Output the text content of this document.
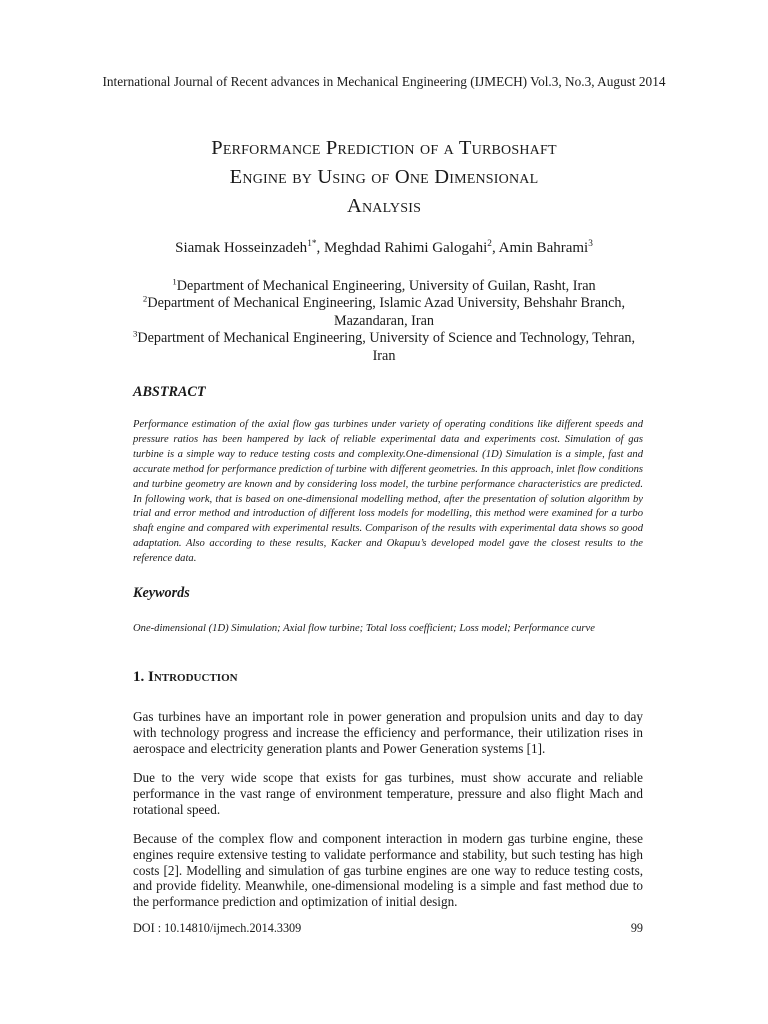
International Journal of Recent advances in Mechanical Engineering (IJMECH) Vol.3, No.3, August 2014
Performance Prediction of a Turboshaft
Engine by Using of One Dimensional
Analysis
Siamak Hosseinzadeh$^{1*}$, Meghdad Rahimi Galogahi$^2$, Amin Bahrami$^3$
$^1$Department of Mechanical Engineering, University of Guilan, Rasht, Iran
$^2$Department of Mechanical Engineering, Islamic Azad University, Behshahr Branch, Mazandaran, Iran
$^3$Department of Mechanical Engineering, University of Science and Technology, Tehran, Iran
ABSTRACT

Performance estimation of the axial flow gas turbines under variety of operating conditions like different speeds and pressure ratios has been hampered by lack of reliable experimental data and experiments cost. Simulation of gas turbine is a simple way to reduce testing costs and complexity.One-dimensional (1D) Simulation is a simple, fast and accurate method for performance prediction of turbine with different geometries. In this approach, inlet flow conditions and turbine geometry are known and by considering loss model, the turbine performance characteristics are predicted. In following work, that is based on one-dimensional modelling method, after the presentation of solution algorithm by trial and error method and introduction of different loss models for modelling, this method were examined for a turbo shaft engine and compared with experimental results. Comparison of the results with experimental data shows so good adaptation. Also according to these results, Kacker and Okapuu’s developed model gave the closest results to the reference data.

Keywords

One-dimensional (1D) Simulation; Axial flow turbine; Total loss coefficient; Loss model; Performance curve

1. Introduction

Gas turbines have an important role in power generation and propulsion units and day to day with technology progress and increase the efficiency and performance, their utilization rises in aerospace and electricity generation plants and Power Generation systems [1].

Due to the very wide scope that exists for gas turbines, must show accurate and reliable performance in the vast range of environment temperature, pressure and also flight Mach and rotational speed.

Because of the complex flow and component interaction in modern gas turbine engine, these engines require extensive testing to validate performance and stability, but such testing has high costs [2]. Modelling and simulation of gas turbine engines are one way to reduce testing costs, and provide fidelity. Meanwhile, one-dimensional modeling is a simple and fast method due to the performance prediction and optimization of initial design.

DOI : 10.14810/ijmech.2014.3309	99
